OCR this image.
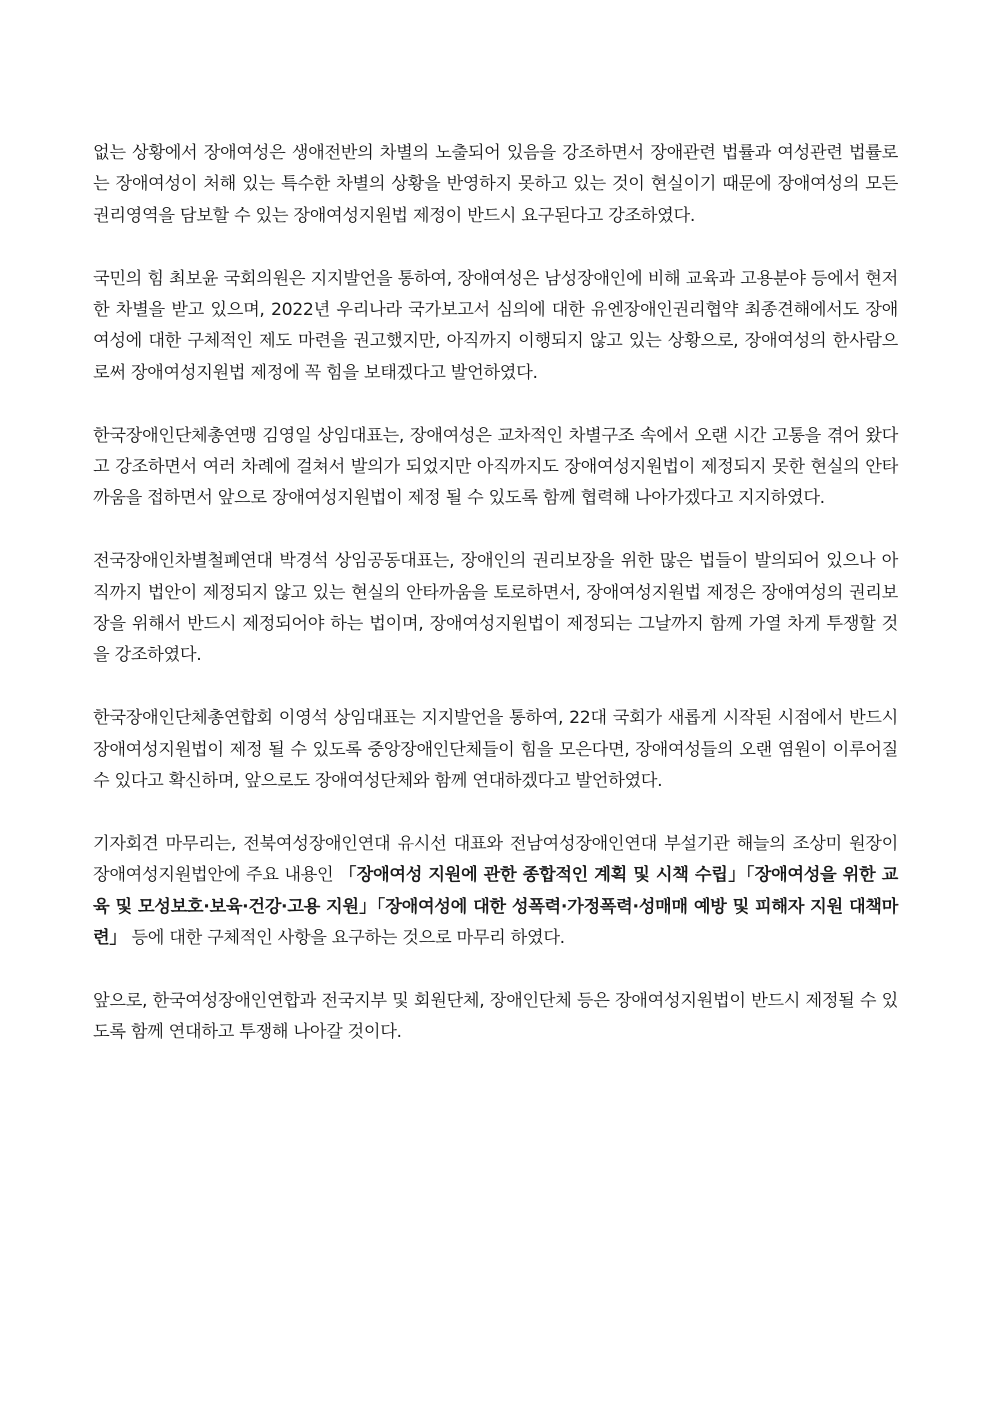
없는 상황에서 장애여성은 생애전반의 차별의 노출되어 있음을 강조하면서 장애관련 법률과 여성관련 법률로는 장애여성이 처해 있는 특수한 차별의 상황을 반영하지 못하고 있는 것이 현실이기 때문에 장애여성의 모든 권리영역을 담보할 수 있는 장애여성지원법 제정이 반드시 요구된다고 강조하였다.

국민의 힘 최보윤 국회의원은 지지발언을 통하여, 장애여성은 남성장애인에 비해 교육과 고용분야 등에서 현저한 차별을 받고 있으며, 2022년 우리나라 국가보고서 심의에 대한 유엔장애인권리협약 최종견해에서도 장애여성에 대한 구체적인 제도 마련을 권고했지만, 아직까지 이행되지 않고 있는 상황으로, 장애여성의 한사람으로써 장애여성지원법 제정에 꼭 힘을 보태겠다고 발언하였다.

한국장애인단체총연맹 김영일 상임대표는, 장애여성은 교차적인 차별구조 속에서 오랜 시간 고통을 겪어 왔다고 강조하면서 여러 차례에 걸쳐서 발의가 되었지만 아직까지도 장애여성지원법이 제정되지 못한 현실의 안타까움을 접하면서 앞으로 장애여성지원법이 제정 될 수 있도록 함께 협력해 나아가겠다고 지지하였다.

전국장애인차별철폐연대 박경석 상임공동대표는, 장애인의 권리보장을 위한 많은 법들이 발의되어 있으나 아직까지 법안이 제정되지 않고 있는 현실의 안타까움을 토로하면서, 장애여성지원법 제정은 장애여성의 권리보장을 위해서 반드시 제정되어야 하는 법이며, 장애여성지원법이 제정되는 그날까지 함께 가열 차게 투쟁할 것을 강조하였다.

한국장애인단체총연합회 이영석 상임대표는 지지발언을 통하여, 22대 국회가 새롭게 시작된 시점에서 반드시 장애여성지원법이 제정 될 수 있도록 중앙장애인단체들이 힘을 모은다면, 장애여성들의 오랜 염원이 이루어질 수 있다고 확신하며, 앞으로도 장애여성단체와 함께 연대하겠다고 발언하였다.

기자회견 마무리는, 전북여성장애인연대 유시선 대표와 전남여성장애인연대 부설기관 해늘의 조상미 원장이 장애여성지원법안에 주요 내용인 「장애여성 지원에 관한 종합적인 계획 및 시책 수립」「장애여성을 위한 교육 및 모성보호·보육·건강·고용 지원」「장애여성에 대한 성폭력·가정폭력·성매매 예방 및 피해자 지원 대책마련」 등에 대한 구체적인 사항을 요구하는 것으로 마무리 하였다.

앞으로, 한국여성장애인연합과 전국지부 및 회원단체, 장애인단체 등은 장애여성지원법이 반드시 제정될 수 있도록 함께 연대하고 투쟁해 나아갈 것이다.
